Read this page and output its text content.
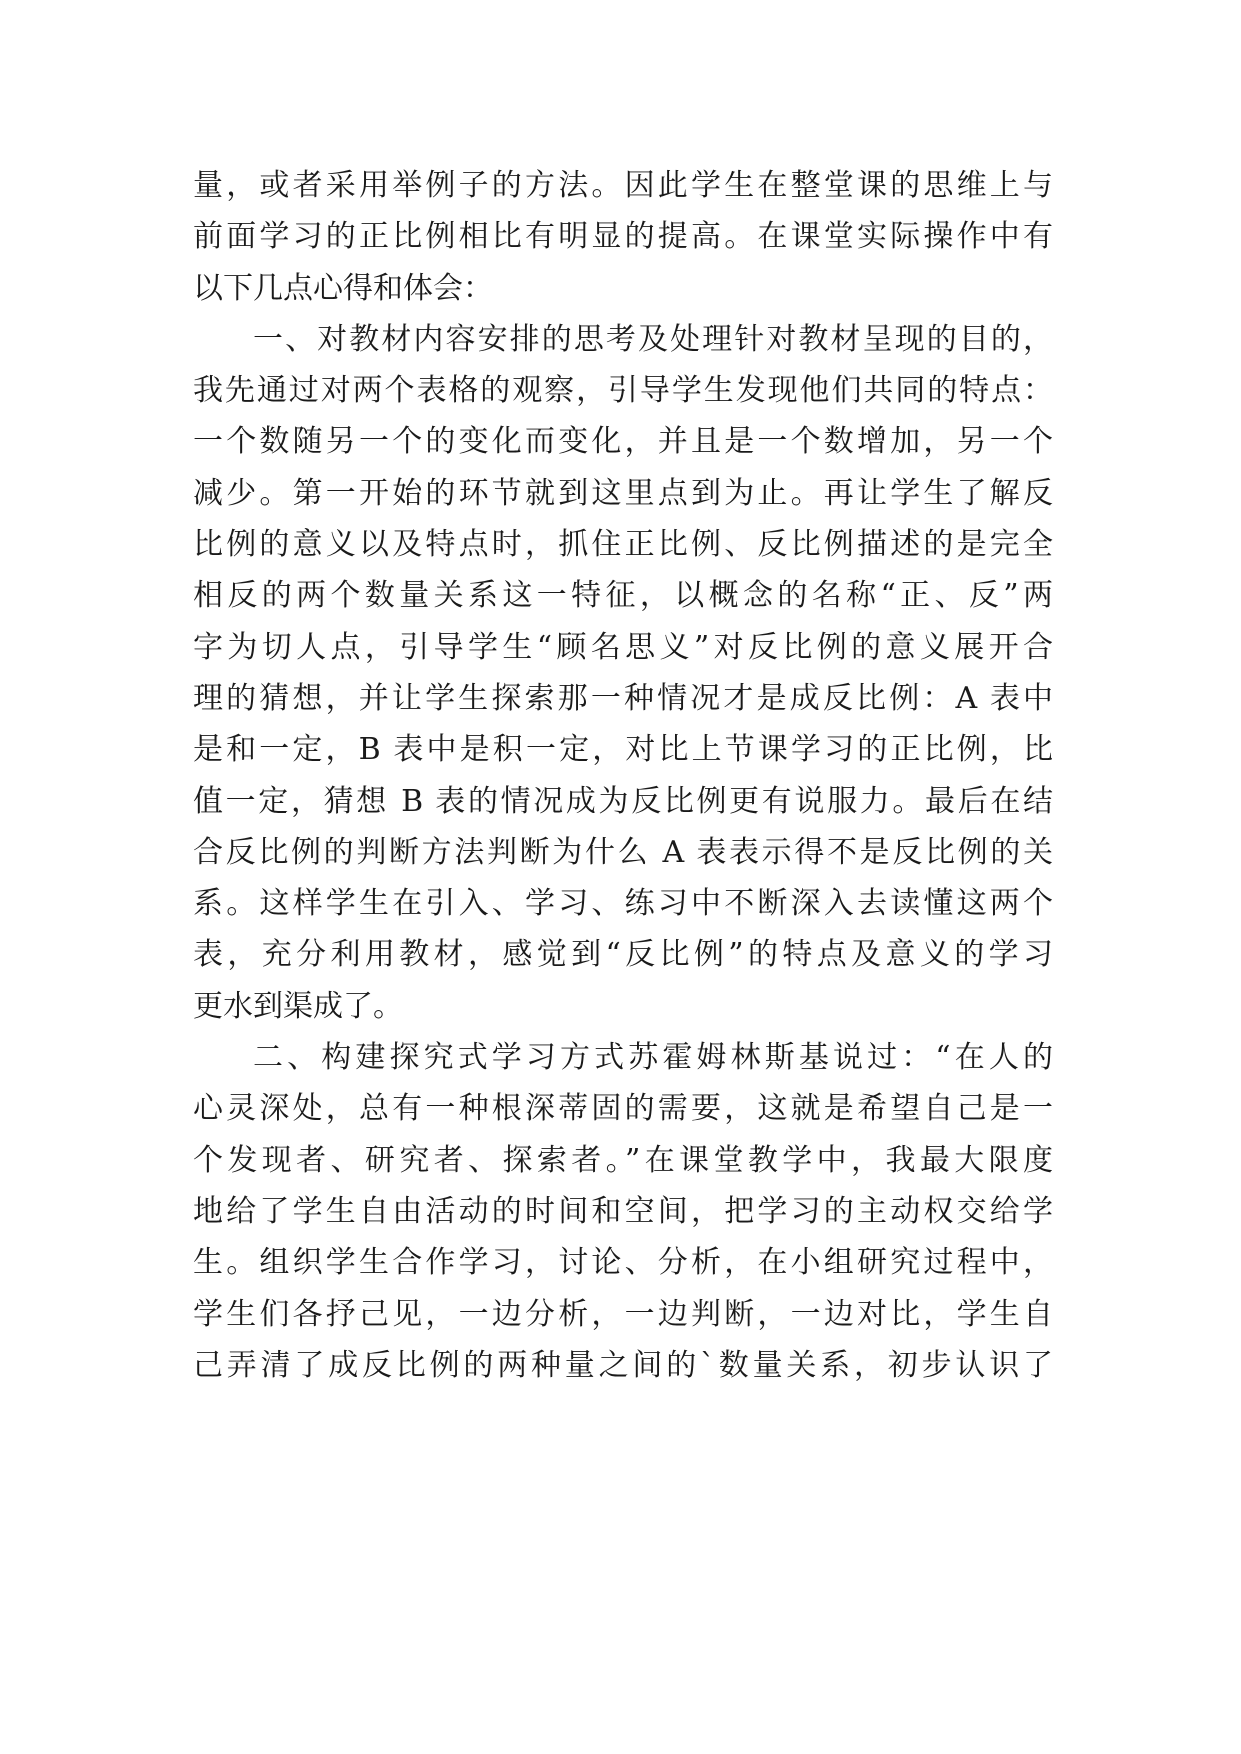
量，或者采用举例子的方法。因此学生在整堂课的思维上与
前面学习的正比例相比有明显的提高。在课堂实际操作中有
以下几点心得和体会：
一、对教材内容安排的思考及处理针对教材呈现的目的，
我先通过对两个表格的观察，引导学生发现他们共同的特点：
一个数随另一个的变化而变化，并且是一个数增加，另一个
减少。第一开始的环节就到这里点到为止。再让学生了解反
比例的意义以及特点时，抓住正比例、反比例描述的是完全
相反的两个数量关系这一特征，以概念的名称“正、反”两
字为切人点，引导学生“顾名思义”对反比例的意义展开合
理的猜想，并让学生探索那一种情况才是成反比例：A 表中
是和一定，B 表中是积一定，对比上节课学习的正比例，比
值一定，猜想 B 表的情况成为反比例更有说服力。最后在结
合反比例的判断方法判断为什么 A 表表示得不是反比例的关
系。这样学生在引入、学习、练习中不断深入去读懂这两个
表，充分利用教材，感觉到“反比例”的特点及意义的学习
更水到渠成了。
二、构建探究式学习方式苏霍姆林斯基说过：“在人的
心灵深处，总有一种根深蒂固的需要，这就是希望自己是一
个发现者、研究者、探索者。”在课堂教学中，我最大限度
地给了学生自由活动的时间和空间，把学习的主动权交给学
生。组织学生合作学习，讨论、分析，在小组研究过程中，
学生们各抒己见，一边分析，一边判断，一边对比，学生自
己弄清了成反比例的两种量之间的`数量关系，初步认识了
